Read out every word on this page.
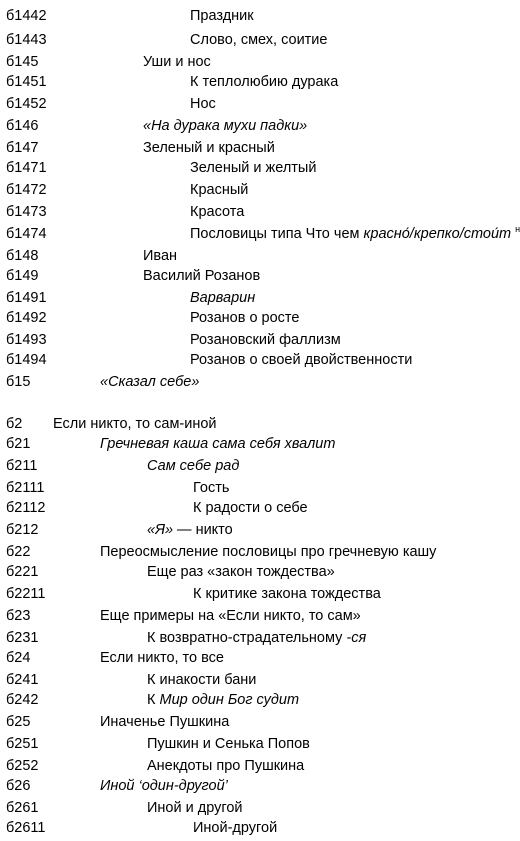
б1442	Праздник
б1443	Слово, смех, соитие
б145	Уши и нос
б1451	К теплолюбию дурака
б1452	Нос
б146	«На дурака мухи падки»
б147	Зеленый и красный
б1471	Зеленый и желтый
б1472	Красный
б1473	Красота
б1474	Пословицы типа Что чем красно́/крепко/стои́т $^н$
б148	Иван
б149	Василий Розанов
б1491	Варварин
б1492	Розанов о росте
б1493	Розановский фаллизм
б1494	Розанов о своей двойственности
б15	«Сказал себе»
б2 Если никто, то сам-иной
б21	Гречневая каша сама себя хвалит
б211	Сам себе рад
б2111	Гость
б2112	К радости о себе
б212	«Я» — никто
б22	Переосмысление пословицы про гречневую кашу
б221	Еще раз «закон тождества»
б2211	К критике закона тождества
б23	Еще примеры на «Если никто, то сам»
б231	К возвратно-страдательному -ся
б24	Если никто, то все
б241	К инакости бани
б242	К Мир один Бог судит
б25	Иначенье Пушкина
б251	Пушкин и Сенька Попов
б252	Анекдоты про Пушкина
б26	Иной ‘один-другой’
б261	Иной и другой
б2611	Иной-другой
